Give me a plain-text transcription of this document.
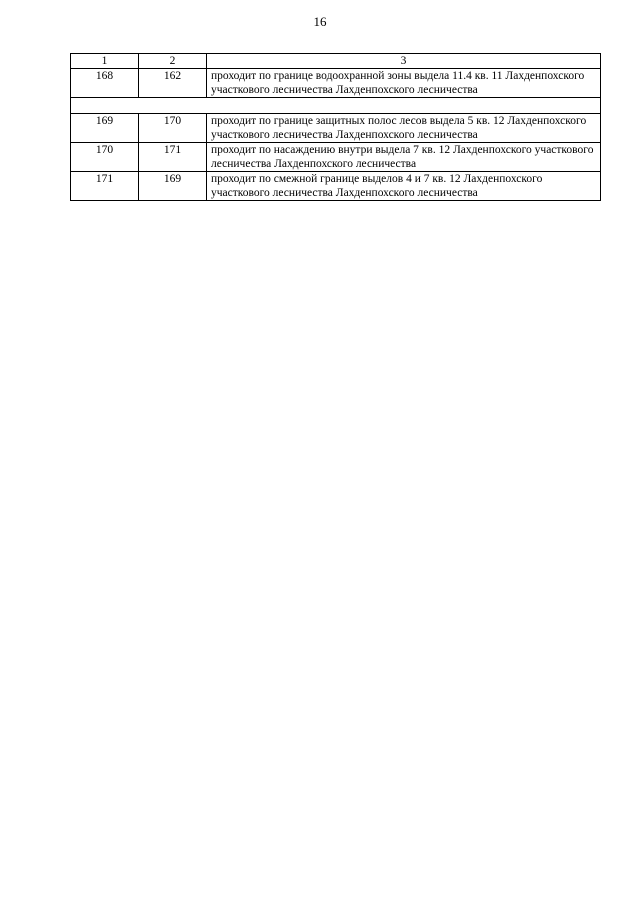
16
1	2	3
168	162	проходит по границе водоохранной зоны выдела 11.4 кв. 11 Лахденпохского участкового лесничества Лахденпохского лесничества

169	170	проходит по границе защитных полос лесов выдела 5 кв. 12 Лахденпохского участкового лесничества Лахденпохского лесничества
170	171	проходит по насаждению внутри выдела 7 кв. 12 Лахденпохского участкового лесничества Лахденпохского лесничества
171	169	проходит по смежной границе выделов 4 и 7 кв. 12 Лахденпохского участкового лесничества Лахденпохского лесничества
